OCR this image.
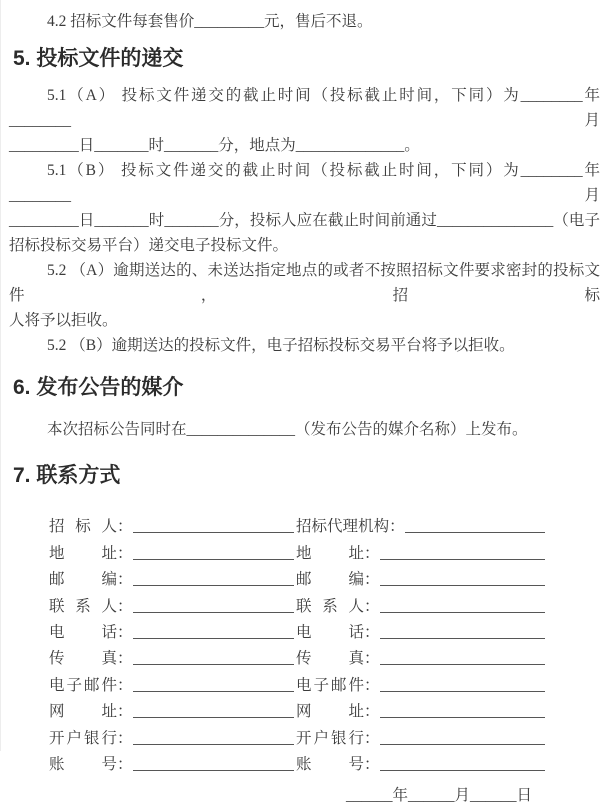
4.2 招标文件每套售价_________元，售后不退。
5. 投标文件的递交
5.1（A） 投标文件递交的截止时间（投标截止时间，下同）为________年________月
_________日_______时_______分，地点为______________。
5.1（B） 投标文件递交的截止时间（投标截止时间，下同）为________年________月
_________日_______时_______分，投标人应在截止时间前通过_______________（电子
招标投标交易平台）递交电子投标文件。
5.2 （A）逾期送达的、未送达指定地点的或者不按照招标文件要求密封的投标文件，招标
人将予以拒收。
5.2 （B）逾期送达的投标文件，电子招标投标交易平台将予以拒收。
6. 发布公告的媒介
本次招标公告同时在______________（发布公告的媒介名称）上发布。
7. 联系方式
招 标 人 ：	招 标 代 理 机 构 ：
地 址 ：	地 址 ：
邮 编 ：	邮 编 ：
联 系 人 ：	联 系 人 ：
电 话 ：	电 话 ：
传 真 ：	传 真 ：
电 子 邮 件 ：	电 子 邮 件 ：
网 址 ：	网 址 ：
开 户 银 行 ：	开 户 银 行 ：
账 号 ：	账 号 ：
______年______月______日
